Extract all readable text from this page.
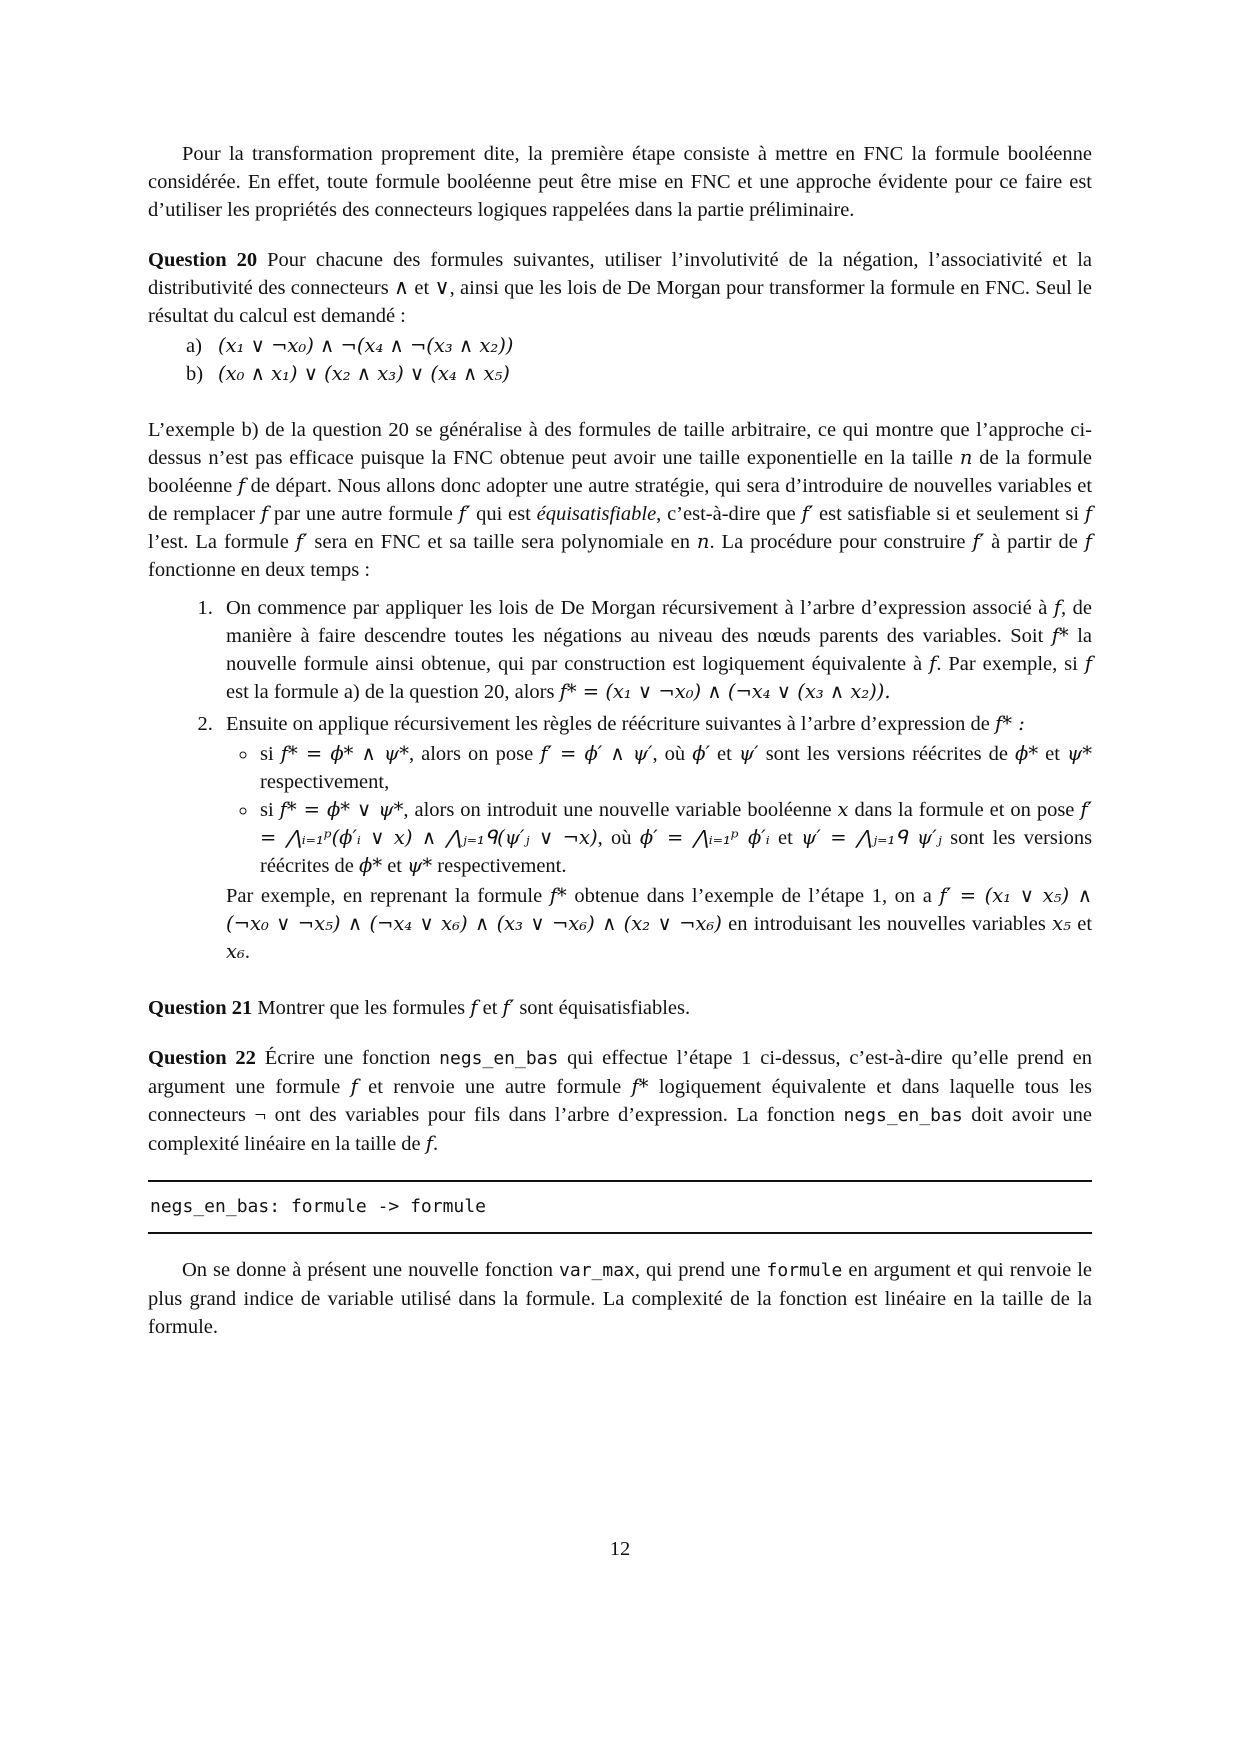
Pour la transformation proprement dite, la première étape consiste à mettre en FNC la formule booléenne considérée. En effet, toute formule booléenne peut être mise en FNC et une approche évidente pour ce faire est d’utiliser les propriétés des connecteurs logiques rappelées dans la partie préliminaire.

Question 20 Pour chacune des formules suivantes, utiliser l’involutivité de la négation, l’associativité et la distributivité des connecteurs ∧ et ∨, ainsi que les lois de De Morgan pour transformer la formule en FNC. Seul le résultat du calcul est demandé :

a) (x₁ ∨ ¬x₀) ∧ ¬(x₄ ∧ ¬(x₃ ∧ x₂))
b) (x₀ ∧ x₁) ∨ (x₂ ∧ x₃) ∨ (x₄ ∧ x₅)

L’exemple b) de la question 20 se généralise à des formules de taille arbitraire, ce qui montre que l’approche ci-dessus n’est pas efficace puisque la FNC obtenue peut avoir une taille exponentielle en la taille n de la formule booléenne f de départ. Nous allons donc adopter une autre stratégie, qui sera d’introduire de nouvelles variables et de remplacer f par une autre formule f′ qui est équisatisfiable, c’est-à-dire que f′ est satisfiable si et seulement si f l’est. La formule f′ sera en FNC et sa taille sera polynomiale en n. La procédure pour construire f′ à partir de f fonctionne en deux temps :

1. On commence par appliquer les lois de De Morgan récursivement à l’arbre d’expression associé à f, de manière à faire descendre toutes les négations au niveau des nœuds parents des variables. Soit f* la nouvelle formule ainsi obtenue, qui par construction est logiquement équivalente à f. Par exemple, si f est la formule a) de la question 20, alors f* = (x₁ ∨ ¬x₀) ∧ (¬x₄ ∨ (x₃ ∧ x₂)).
2. Ensuite on applique récursivement les règles de réécriture suivantes à l’arbre d’expression de f* :
◦ si f* = ϕ* ∧ ψ*, alors on pose f′ = ϕ′ ∧ ψ′, où ϕ′ et ψ′ sont les versions réécrites de ϕ* et ψ* respectivement,
◦ si f* = ϕ* ∨ ψ*, alors on introduit une nouvelle variable booléenne x dans la formule et on pose f′ = ⋀ᵢ₌₁ᵖ(ϕ′ᵢ ∨ x) ∧ ⋀ⱼ₌₁ᑫ(ψ′ⱼ ∨ ¬x), où ϕ′ = ⋀ᵢ₌₁ᵖ ϕ′ᵢ et ψ′ = ⋀ⱼ₌₁ᑫ ψ′ⱼ sont les versions réécrites de ϕ* et ψ* respectivement.
Par exemple, en reprenant la formule f* obtenue dans l’exemple de l’étape 1, on a f′ = (x₁ ∨ x₅) ∧ (¬x₀ ∨ ¬x₅) ∧ (¬x₄ ∨ x₆) ∧ (x₃ ∨ ¬x₆) ∧ (x₂ ∨ ¬x₆) en introduisant les nouvelles variables x₅ et x₆.

Question 21 Montrer que les formules f et f′ sont équisatisfiables.

Question 22 Écrire une fonction negs_en_bas qui effectue l’étape 1 ci-dessus, c’est-à-dire qu’elle prend en argument une formule f et renvoie une autre formule f* logiquement équivalente et dans laquelle tous les connecteurs ¬ ont des variables pour fils dans l’arbre d’expression. La fonction negs_en_bas doit avoir une complexité linéaire en la taille de f.

negs_en_bas: formule -> formule

On se donne à présent une nouvelle fonction var_max, qui prend une formule en argument et qui renvoie le plus grand indice de variable utilisé dans la formule. La complexité de la fonction est linéaire en la taille de la formule.

12
